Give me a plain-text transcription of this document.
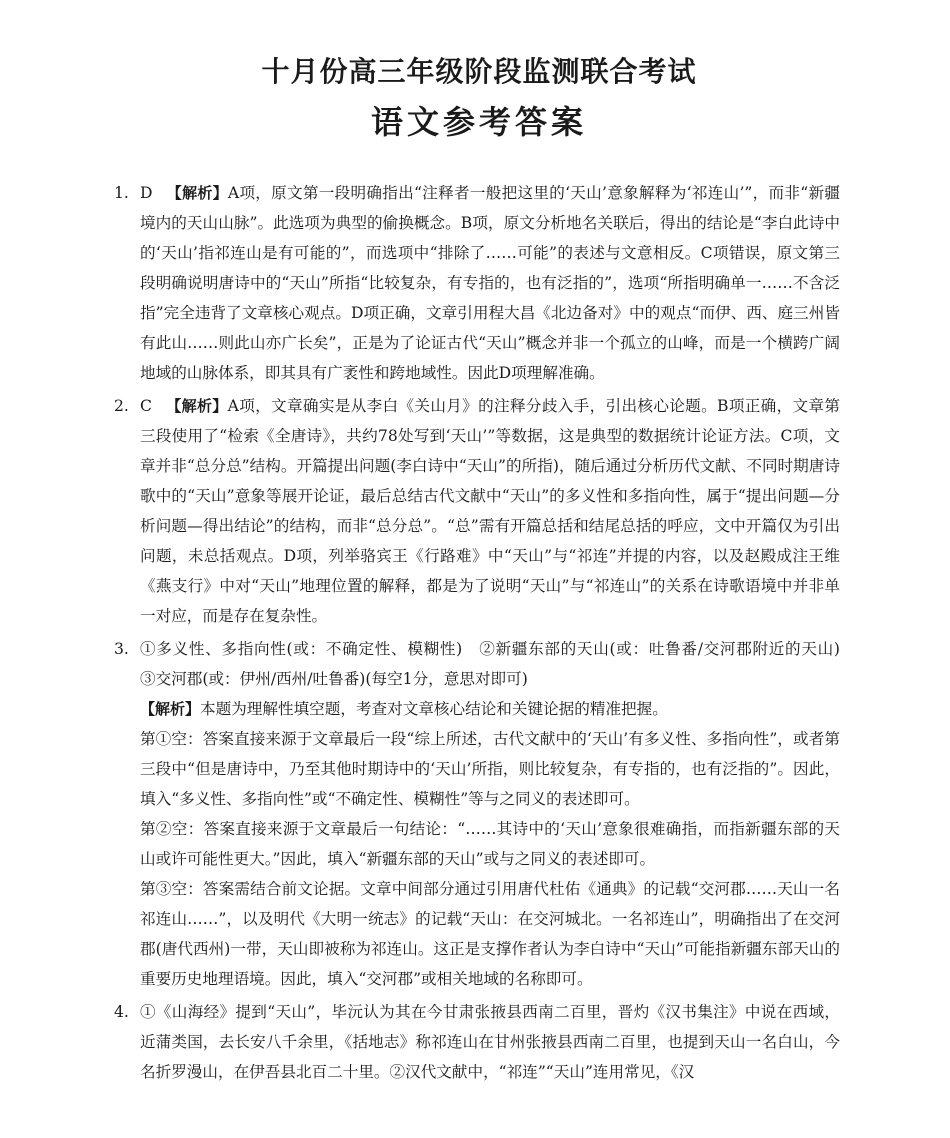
十月份高三年级阶段监测联合考试
语文参考答案
1. D 【解析】A项，原文第一段明确指出“注释者一般把这里的‘天山’意象解释为‘祁连山’”，而非“新疆境内的天山山脉”。此选项为典型的偷换概念。B项，原文分析地名关联后，得出的结论是“李白此诗中的‘天山’指祁连山是有可能的”，而选项中“排除了……可能”的表述与文意相反。C项错误，原文第三段明确说明唐诗中的“天山”所指“比较复杂，有专指的，也有泛指的”，选项“所指明确单一……不含泛指”完全违背了文章核心观点。D项正确，文章引用程大昌《北边备对》中的观点“而伊、西、庭三州皆有此山……则此山亦广长矣”，正是为了论证古代“天山”概念并非一个孤立的山峰，而是一个横跨广阔地域的山脉体系，即其具有广袤性和跨地域性。因此D项理解准确。
2. C 【解析】A项，文章确实是从李白《关山月》的注释分歧入手，引出核心论题。B项正确，文章第三段使用了“检索《全唐诗》，共约78处写到‘天山’”等数据，这是典型的数据统计论证方法。C项，文章并非“总分总”结构。开篇提出问题(李白诗中“天山”的所指)，随后通过分析历代文献、不同时期唐诗歌中的“天山”意象等展开论证，最后总结古代文献中“天山”的多义性和多指向性，属于“提出问题—分析问题—得出结论”的结构，而非“总分总”。“总”需有开篇总括和结尾总括的呼应，文中开篇仅为引出问题，未总括观点。D项，列举骆宾王《行路难》中“天山”与“祁连”并提的内容，以及赵殿成注王维《燕支行》中对“天山”地理位置的解释，都是为了说明“天山”与“祁连山”的关系在诗歌语境中并非单一对应，而是存在复杂性。
3. ①多义性、多指向性(或：不确定性、模糊性)　②新疆东部的天山(或：吐鲁番/交河郡附近的天山)　③交河郡(或：伊州/西州/吐鲁番)(每空1分，意思对即可)

【解析】本题为理解性填空题，考查对文章核心结论和关键论据的精准把握。

第①空：答案直接来源于文章最后一段“综上所述，古代文献中的‘天山’有多义性、多指向性”，或者第三段中“但是唐诗中，乃至其他时期诗中的‘天山’所指，则比较复杂，有专指的，也有泛指的”。因此，填入“多义性、多指向性”或“不确定性、模糊性”等与之同义的表述即可。

第②空：答案直接来源于文章最后一句结论：“……其诗中的‘天山’意象很难确指，而指新疆东部的天山或许可能性更大。”因此，填入“新疆东部的天山”或与之同义的表述即可。

第③空：答案需结合前文论据。文章中间部分通过引用唐代杜佑《通典》的记载“交河郡……天山一名祁连山……”，以及明代《大明一统志》的记载“天山：在交河城北。一名祁连山”，明确指出了在交河郡(唐代西州)一带，天山即被称为祁连山。这正是支撑作者认为李白诗中“天山”可能指新疆东部天山的重要历史地理语境。因此，填入“交河郡”或相关地域的名称即可。

4. ①《山海经》提到“天山”，毕沅认为其在今甘肃张掖县西南二百里，晋灼《汉书集注》中说在西域，近蒲类国，去长安八千余里，《括地志》称祁连山在甘州张掖县西南二百里，也提到天山一名白山，今名折罗漫山，在伊吾县北百二十里。②汉代文献中，“祁连”“天山”连用常见，《汉
